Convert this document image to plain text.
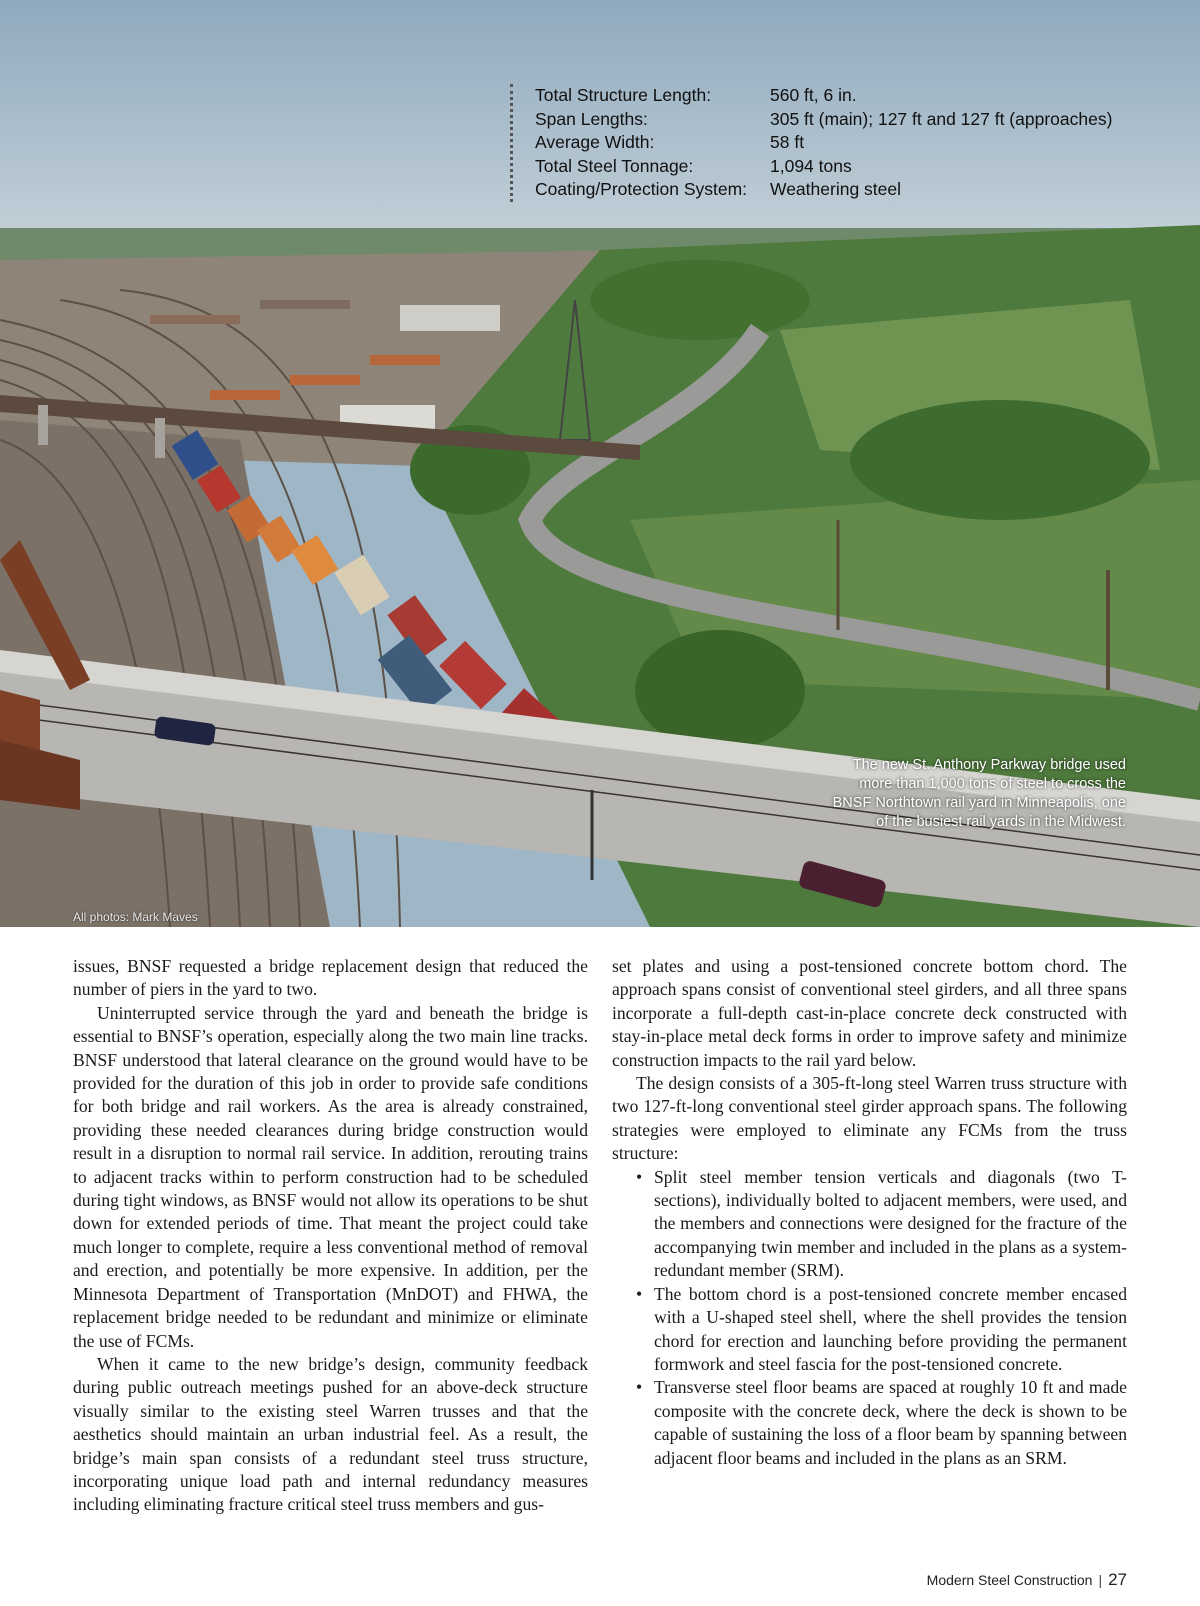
Total Structure Length:	560 ft, 6 in.
Span Lengths:	305 ft (main); 127 ft and 127 ft (approaches)
Average Width:	58 ft
Total Steel Tonnage:	1,094 tons
Coating/Protection System:	Weathering steel
The new St. Anthony Parkway bridge used more than 1,000 tons of steel to cross the BNSF Northtown rail yard in Minneapolis, one of the busiest rail yards in the Midwest.
All photos: Mark Maves

issues, BNSF requested a bridge replacement design that reduced the number of piers in the yard to two.

Uninterrupted service through the yard and beneath the bridge is essential to BNSF’s operation, especially along the two main line tracks. BNSF understood that lateral clearance on the ground would have to be provided for the duration of this job in order to provide safe conditions for both bridge and rail workers. As the area is already constrained, providing these needed clearances during bridge construction would result in a disruption to normal rail service. In addition, rerouting trains to adjacent tracks within to perform construction had to be scheduled during tight windows, as BNSF would not allow its operations to be shut down for extended periods of time. That meant the project could take much longer to complete, require a less conventional method of removal and erection, and potentially be more expensive. In addition, per the Minnesota Department of Transportation (MnDOT) and FHWA, the replacement bridge needed to be redundant and minimize or eliminate the use of FCMs.

When it came to the new bridge’s design, community feedback during public outreach meetings pushed for an above-deck structure visually similar to the existing steel Warren trusses and that the aesthetics should maintain an urban industrial feel. As a result, the bridge’s main span consists of a redundant steel truss structure, incorporating unique load path and internal redundancy measures including eliminating fracture critical steel truss members and gus-

set plates and using a post-tensioned concrete bottom chord. The approach spans consist of conventional steel girders, and all three spans incorporate a full-depth cast-in-place concrete deck constructed with stay-in-place metal deck forms in order to improve safety and minimize construction impacts to the rail yard below.

The design consists of a 305-ft-long steel Warren truss structure with two 127-ft-long conventional steel girder approach spans. The following strategies were employed to eliminate any FCMs from the truss structure:

• Split steel member tension verticals and diagonals (two T-sections), individually bolted to adjacent members, were used, and the members and connections were designed for the fracture of the accompanying twin member and included in the plans as a system-redundant member (SRM).
• The bottom chord is a post-tensioned concrete member encased with a U-shaped steel shell, where the shell provides the tension chord for erection and launching before providing the permanent formwork and steel fascia for the post-tensioned concrete.
• Transverse steel floor beams are spaced at roughly 10 ft and made composite with the concrete deck, where the deck is shown to be capable of sustaining the loss of a floor beam by spanning between adjacent floor beams and included in the plans as an SRM.
Modern Steel Construction | 27
